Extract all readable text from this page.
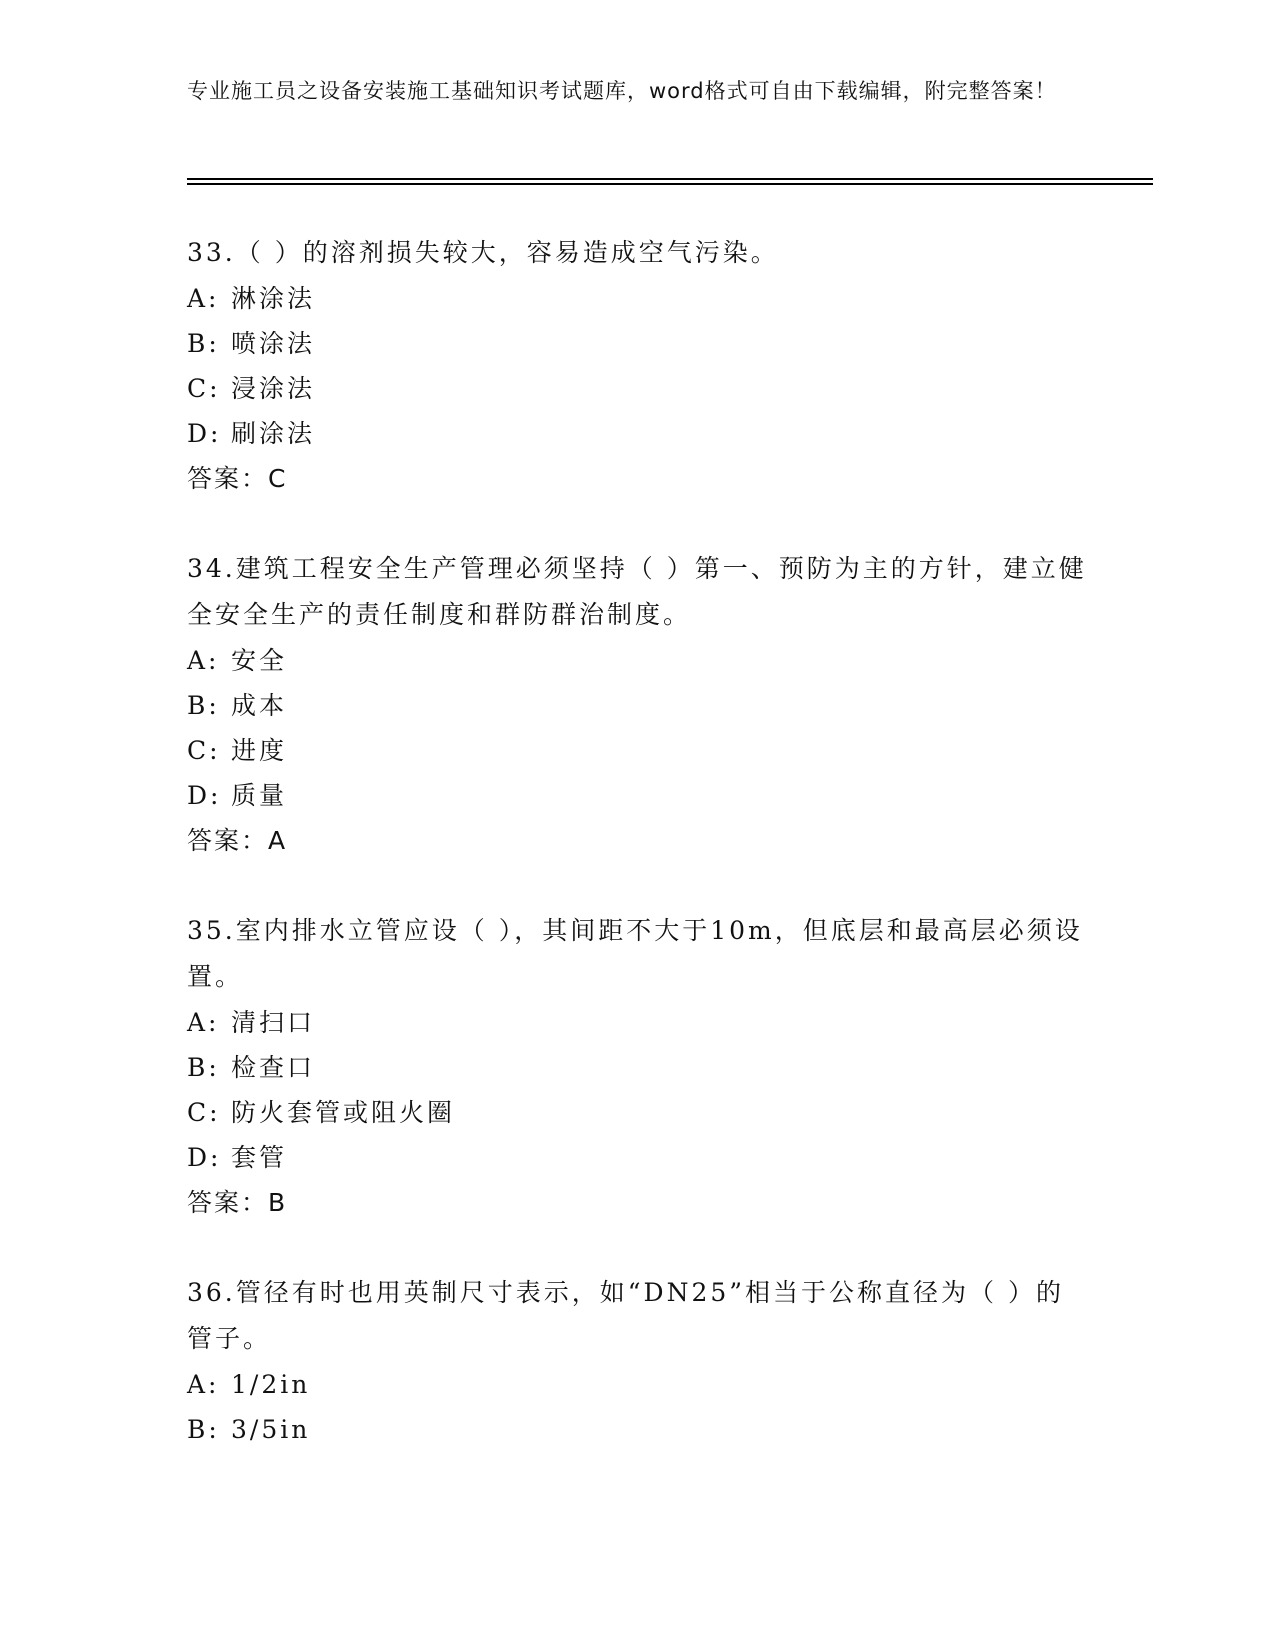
专业施工员之设备安装施工基础知识考试题库，word格式可自由下载编辑，附完整答案！

33.（ ）的溶剂损失较大，容易造成空气污染。

A: 淋涂法

B: 喷涂法

C: 浸涂法

D: 刷涂法

答案：C

34.建筑工程安全生产管理必须坚持（ ）第一、预防为主的方针，建立健全安全生产的责任制度和群防群治制度。

A: 安全

B: 成本

C: 进度

D: 质量

答案：A

35.室内排水立管应设（ ），其间距不大于10m，但底层和最高层必须设置。

A: 清扫口

B: 检查口

C: 防火套管或阻火圈

D: 套管

答案：B

36.管径有时也用英制尺寸表示，如“DN25”相当于公称直径为（ ）的管子。

A: 1/2in

B: 3/5in
